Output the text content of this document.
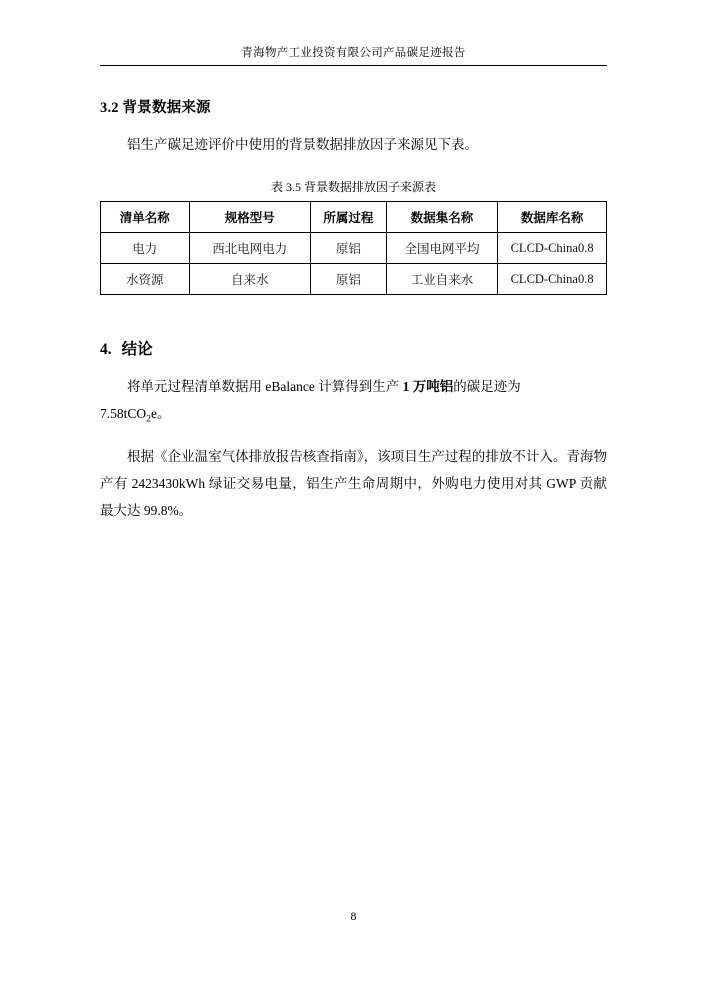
青海物产工业投资有限公司产品碳足迹报告
3.2 背景数据来源

铝生产碳足迹评价中使用的背景数据排放因子来源见下表。

表 3.5 背景数据排放因子来源表
清单名称	规格型号	所属过程	数据集名称	数据库名称
电力	西北电网电力	原铝	全国电网平均	CLCD-China0.8
水资源	自来水	原铝	工业自来水	CLCD-China0.8
4. 结论

将单元过程清单数据用 eBalance 计算得到生产 1 万吨铝的碳足迹为
7.58tCO$_2$e。

根据《企业温室气体排放报告核查指南》，该项目生产过程的排放不计入。青海物产有 2423430kWh 绿证交易电量，铝生产生命周期中，外购电力使用对其 GWP 贡献最大达 99.8%。

8
